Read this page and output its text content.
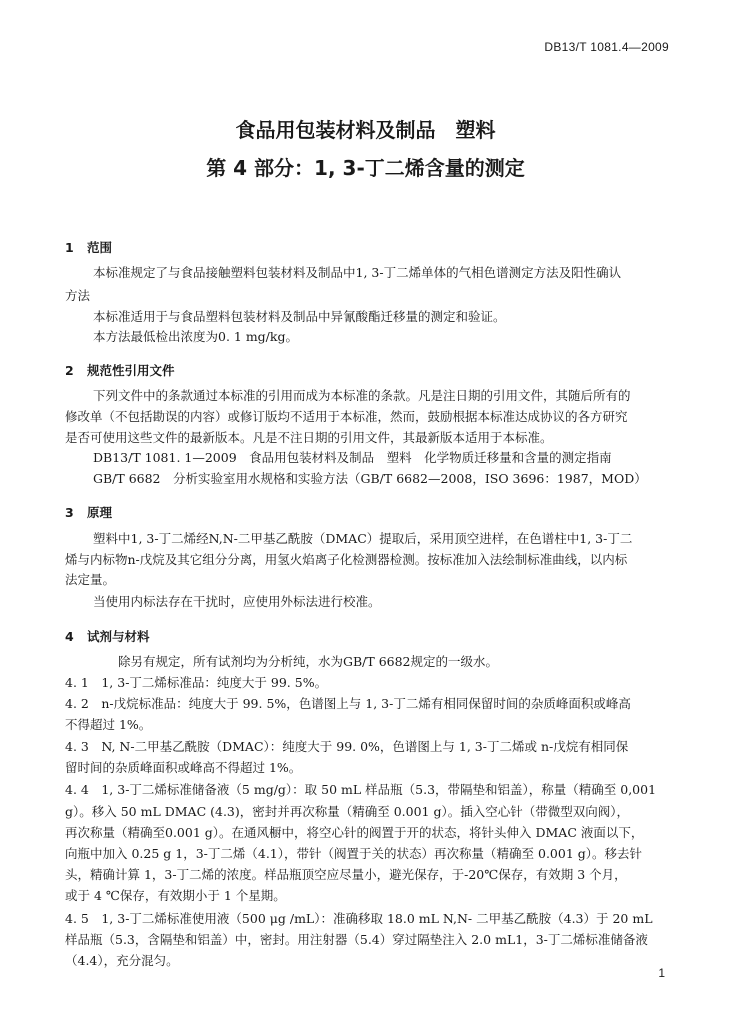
DB13/T 1081.4—2009
食品用包装材料及制品　塑料
第 4 部分：1, 3-丁二烯含量的测定
1 范围
本标准规定了与食品接触塑料包装材料及制品中1, 3-丁二烯单体的气相色谱测定方法及阳性确认
方法
本标准适用于与食品塑料包装材料及制品中异氰酸酯迁移量的测定和验证。
本方法最低检出浓度为0. 1 mg/kg。
2 规范性引用文件
下列文件中的条款通过本标准的引用而成为本标准的条款。凡是注日期的引用文件，其随后所有的
修改单（不包括勘误的内容）或修订版均不适用于本标准，然而，鼓励根据本标准达成协议的各方研究
是否可使用这些文件的最新版本。凡是不注日期的引用文件，其最新版本适用于本标准。
DB13/T 1081. 1—2009　食品用包装材料及制品　塑料　化学物质迁移量和含量的测定指南
GB/T 6682　分析实验室用水规格和实验方法（GB/T 6682—2008，ISO 3696：1987，MOD）
3 原理
塑料中1, 3-丁二烯经N,N-二甲基乙酰胺（DMAC）提取后，采用顶空进样，在色谱柱中1, 3-丁二
烯与内标物n-戊烷及其它组分分离，用氢火焰离子化检测器检测。按标准加入法绘制标准曲线，以内标
法定量。
当使用内标法存在干扰时，应使用外标法进行校准。
4 试剂与材料
除另有规定，所有试剂均为分析纯，水为GB/T 6682规定的一级水。
4. 1　1, 3-丁二烯标准品：纯度大于 99. 5%。
4. 2　n-戊烷标准品：纯度大于 99. 5%，色谱图上与 1, 3-丁二烯有相同保留时间的杂质峰面积或峰高
不得超过 1%。
4. 3　N, N-二甲基乙酰胺（DMAC）：纯度大于 99. 0%，色谱图上与 1, 3-丁二烯或 n-戊烷有相同保
留时间的杂质峰面积或峰高不得超过 1%。
4. 4　1, 3-丁二烯标准储备液（5 mg/g）：取 50 mL 样品瓶（5.3，带隔垫和铝盖），称量（精确至 0,001
g）。移入 50 mL DMAC (4.3)，密封并再次称量（精确至 0.001 g）。插入空心针（带微型双向阀），
再次称量（精确至0.001 g）。在通风橱中，将空心针的阀置于开的状态，将针头伸入 DMAC 液面以下，
向瓶中加入 0.25 g 1，3-丁二烯（4.1），带针（阀置于关的状态）再次称量（精确至 0.001 g）。移去针
头，精确计算 1，3-丁二烯的浓度。样品瓶顶空应尽量小，避光保存，于-20℃保存，有效期 3 个月，
或于 4 ℃保存，有效期小于 1 个星期。
4. 5　1, 3-丁二烯标准使用液（500 μg /mL）：准确移取 18.0 mL N,N- 二甲基乙酰胺（4.3）于 20 mL
样品瓶（5.3，含隔垫和铝盖）中，密封。用注射器（5.4）穿过隔垫注入 2.0 mL1，3-丁二烯标准储备液
（4.4），充分混匀。
1
